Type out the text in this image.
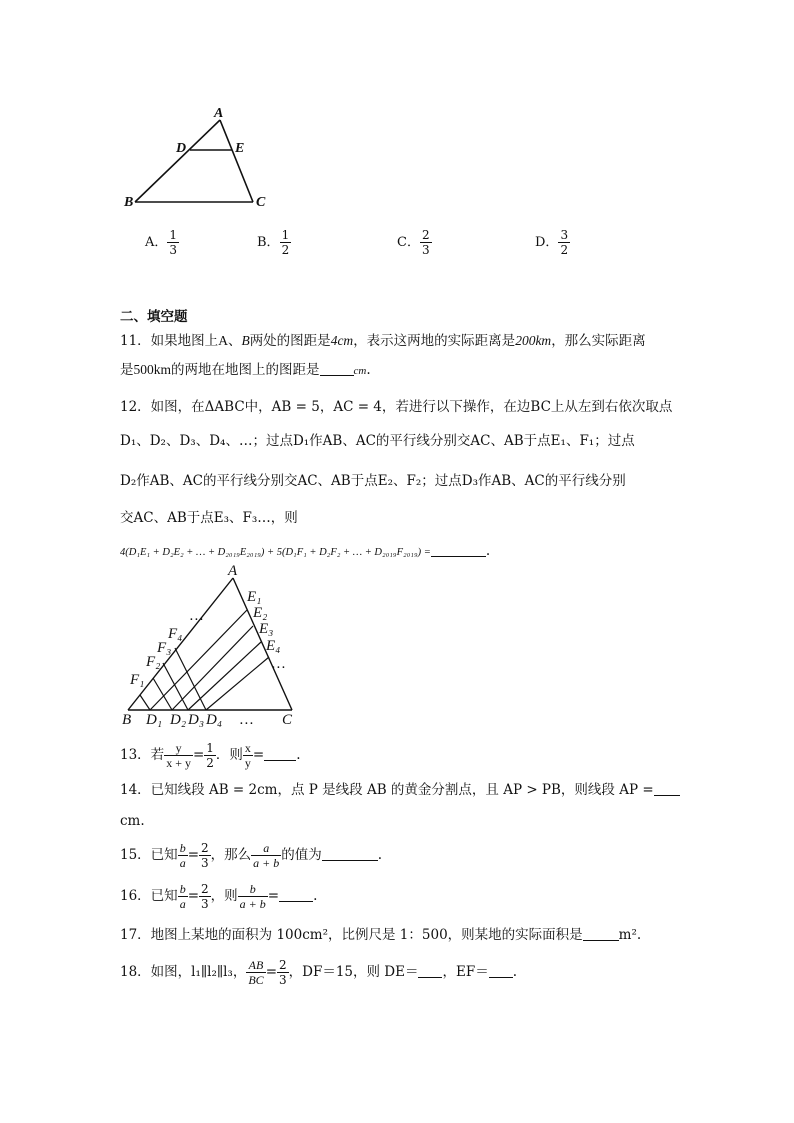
A
D	E
B	C
A． $\frac{1}{3}$	B． $\frac{1}{2}$	C． $\frac{2}{3}$	D． $\frac{3}{2}$
二、填空题
11．如果地图上A、B两处的图距是4cm，表示这两地的实际距离是200km，那么实际距离
是500km的两地在地图上的图距是	cm.
12．如图，在ΔABC中，AB = 5，AC = 4，若进行以下操作，在边BC上从左到右依次取点
D₁、D₂、D₃、D₄、…；过点D₁作AB、AC的平行线分别交AC、AB于点E₁、F₁；过点
D₂作AB、AC的平行线分别交AC、AB于点E₂、F₂；过点D₃作AB、AC的平行线分别
交AC、AB于点E₃、F₃…，则
4(D₁E₁ + D₂E₂ + … + D₂₀₁₉E₂₀₁₉) + 5(D₁F₁ + D₂F₂ + … + D₂₀₁₉F₂₀₁₉) =	.
A
B	C
E₁
E₂
E₃
E₄
…
…
F₁
F₂
F₃
F₄
D₁ D₂ D₃ D₄ …
13．若 $\frac{y}{x + y} = \frac{1}{2}$ ．则 $\frac{x}{y}$ = .
14．已知线段 AB = 2cm，点 P 是线段 AB 的黄金分割点，且 AP > PB，则线段 AP =
cm.
15．已知 $\frac{b}{a} = \frac{2}{3}$ ，那么 $\frac{a}{a + b}$ 的值为	.
16．已知 $\frac{b}{a} = \frac{2}{3}$ ，则 $\frac{b}{a + b}$ =	.
17．地图上某地的面积为 100cm²，比例尺是 1：500，则某地的实际面积是	m².
18．如图，l₁∥l₂∥l₃， $\frac{AB}{BC} = \frac{2}{3}$ ，DF＝15，则 DE＝ ，EF＝ .
